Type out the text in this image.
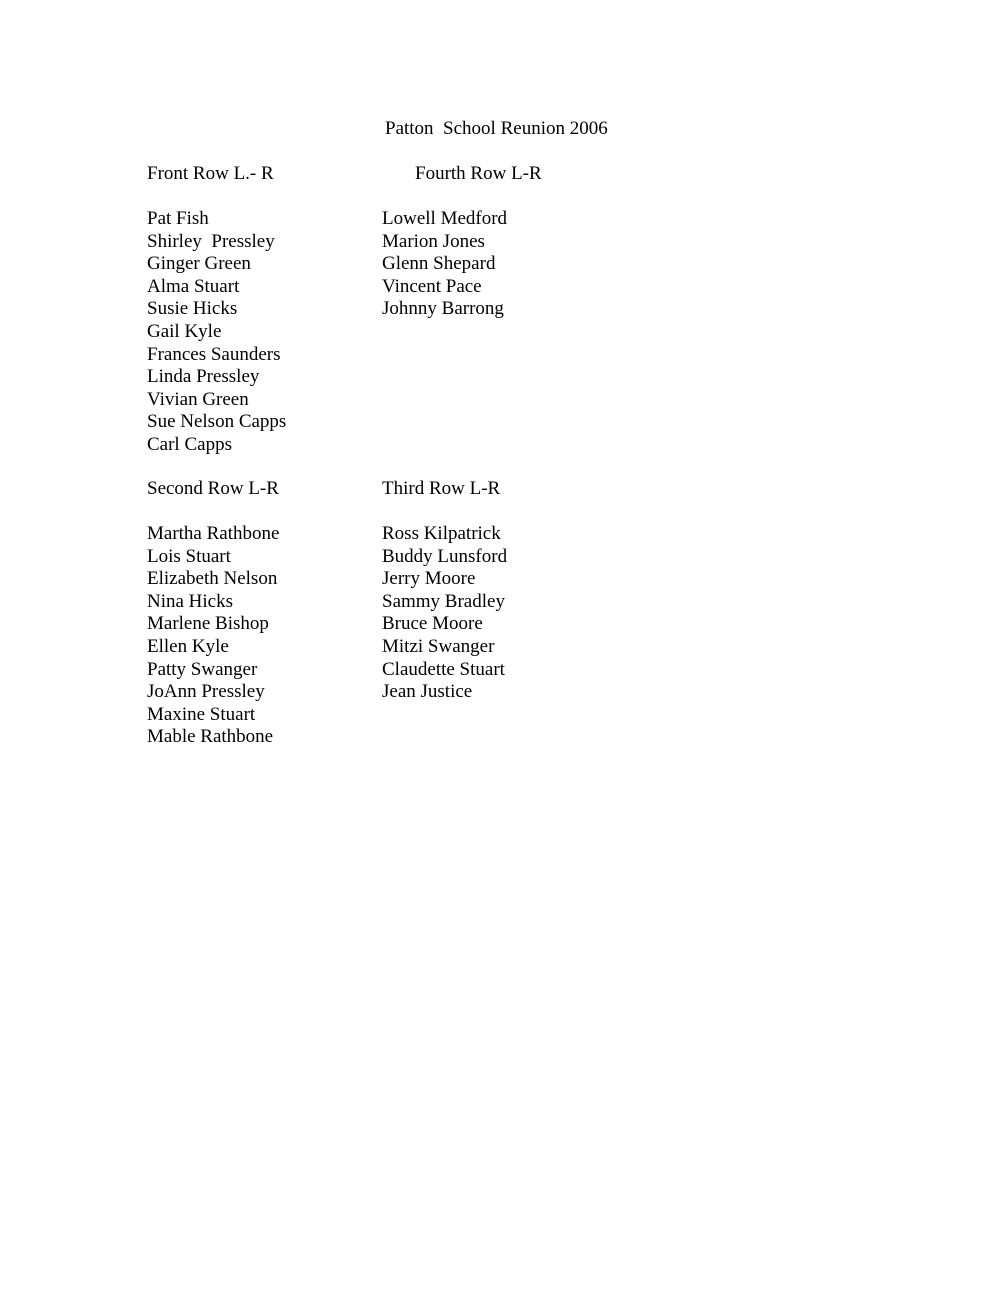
Patton  School Reunion 2006
Front Row L.- R
Pat Fish
Shirley  Pressley
Ginger Green
Alma Stuart
Susie Hicks
Gail Kyle
Frances Saunders
Linda Pressley
Vivian Green
Sue Nelson Capps
Carl Capps
Fourth Row L-R
Lowell Medford
Marion Jones
Glenn Shepard
Vincent Pace
Johnny Barrong
Second Row L-R
Martha Rathbone
Lois Stuart
Elizabeth Nelson
Nina Hicks
Marlene Bishop
Ellen Kyle
Patty Swanger
JoAnn Pressley
Maxine Stuart
Mable Rathbone
Third Row L-R
Ross Kilpatrick
Buddy Lunsford
Jerry Moore
Sammy Bradley
Bruce Moore
Mitzi Swanger
Claudette Stuart
Jean Justice
